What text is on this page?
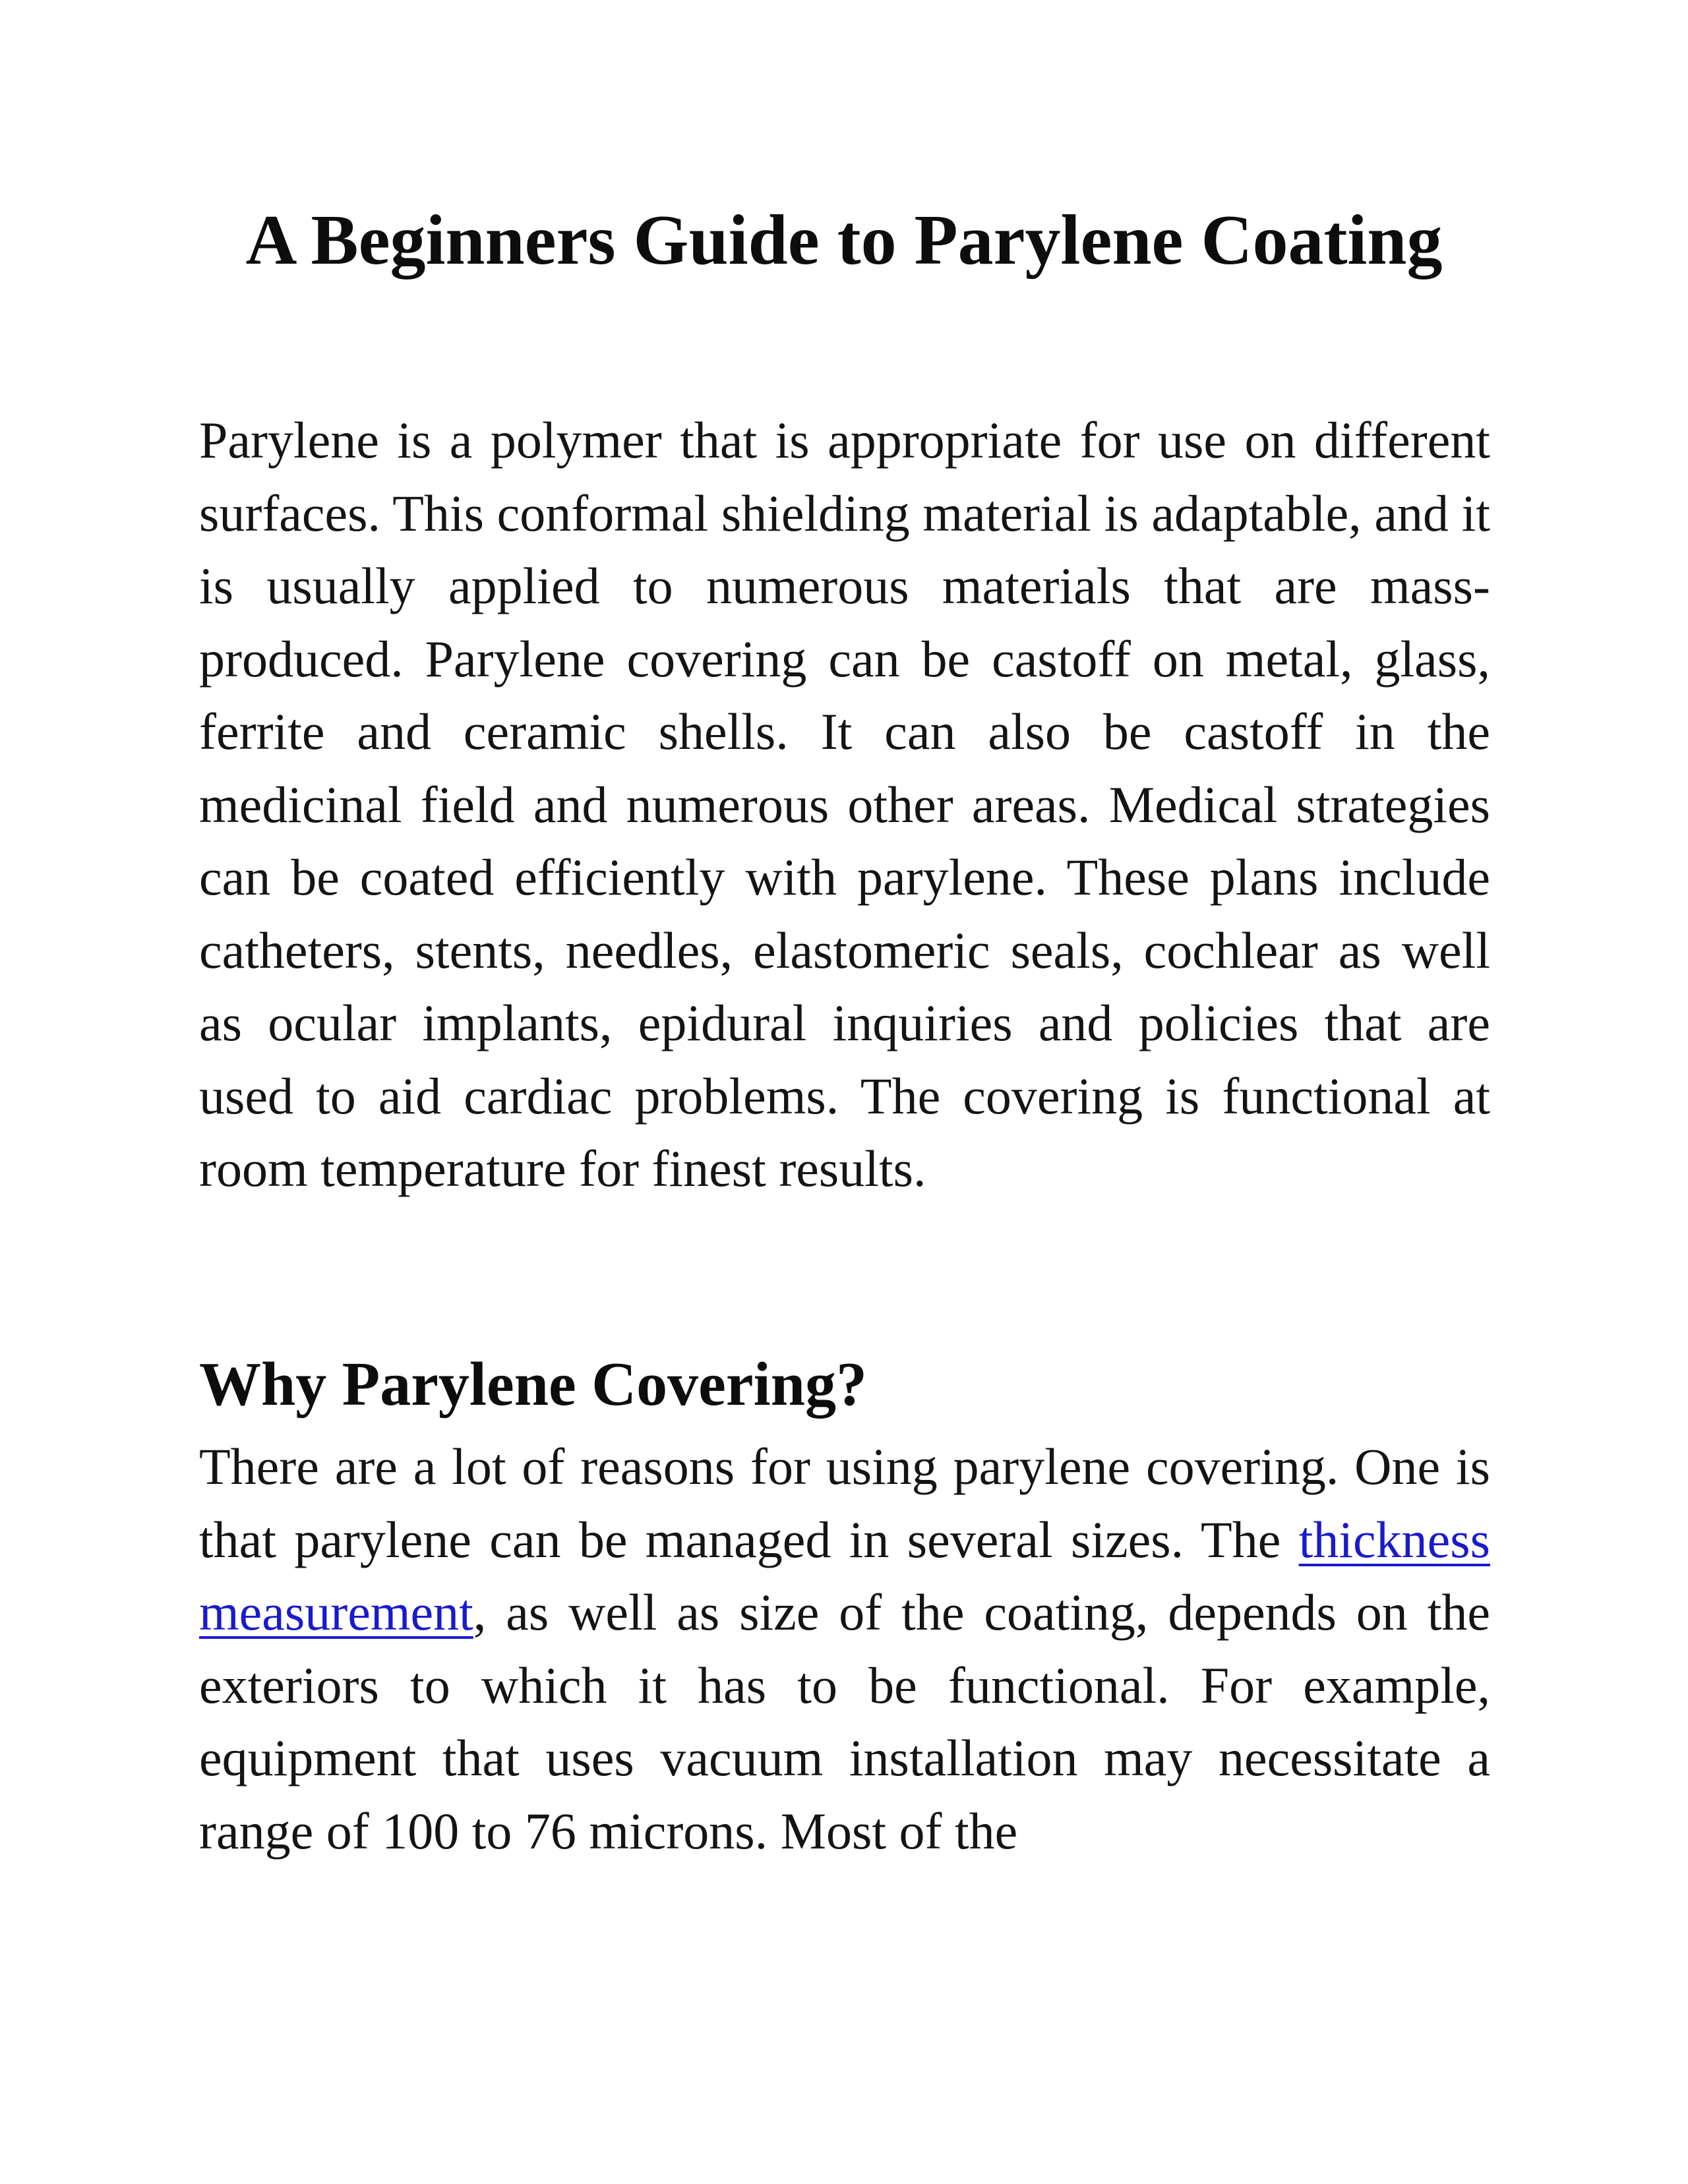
A Beginners Guide to Parylene Coating

Parylene is a polymer that is appropriate for use on different surfaces. This conformal shielding material is adaptable, and it is usually applied to numerous materials that are mass-produced. Parylene covering can be castoff on metal, glass, ferrite and ceramic shells. It can also be castoff in the medicinal field and numerous other areas. Medical strategies can be coated efficiently with parylene. These plans include catheters, stents, needles, elastomeric seals, cochlear as well as ocular implants, epidural inquiries and policies that are used to aid cardiac problems. The covering is functional at room temperature for finest results.

Why Parylene Covering?

There are a lot of reasons for using parylene covering. One is that parylene can be managed in several sizes. The thickness measurement, as well as size of the coating, depends on the exteriors to which it has to be functional. For example, equipment that uses vacuum installation may necessitate a range of 100 to 76 microns. Most of the
